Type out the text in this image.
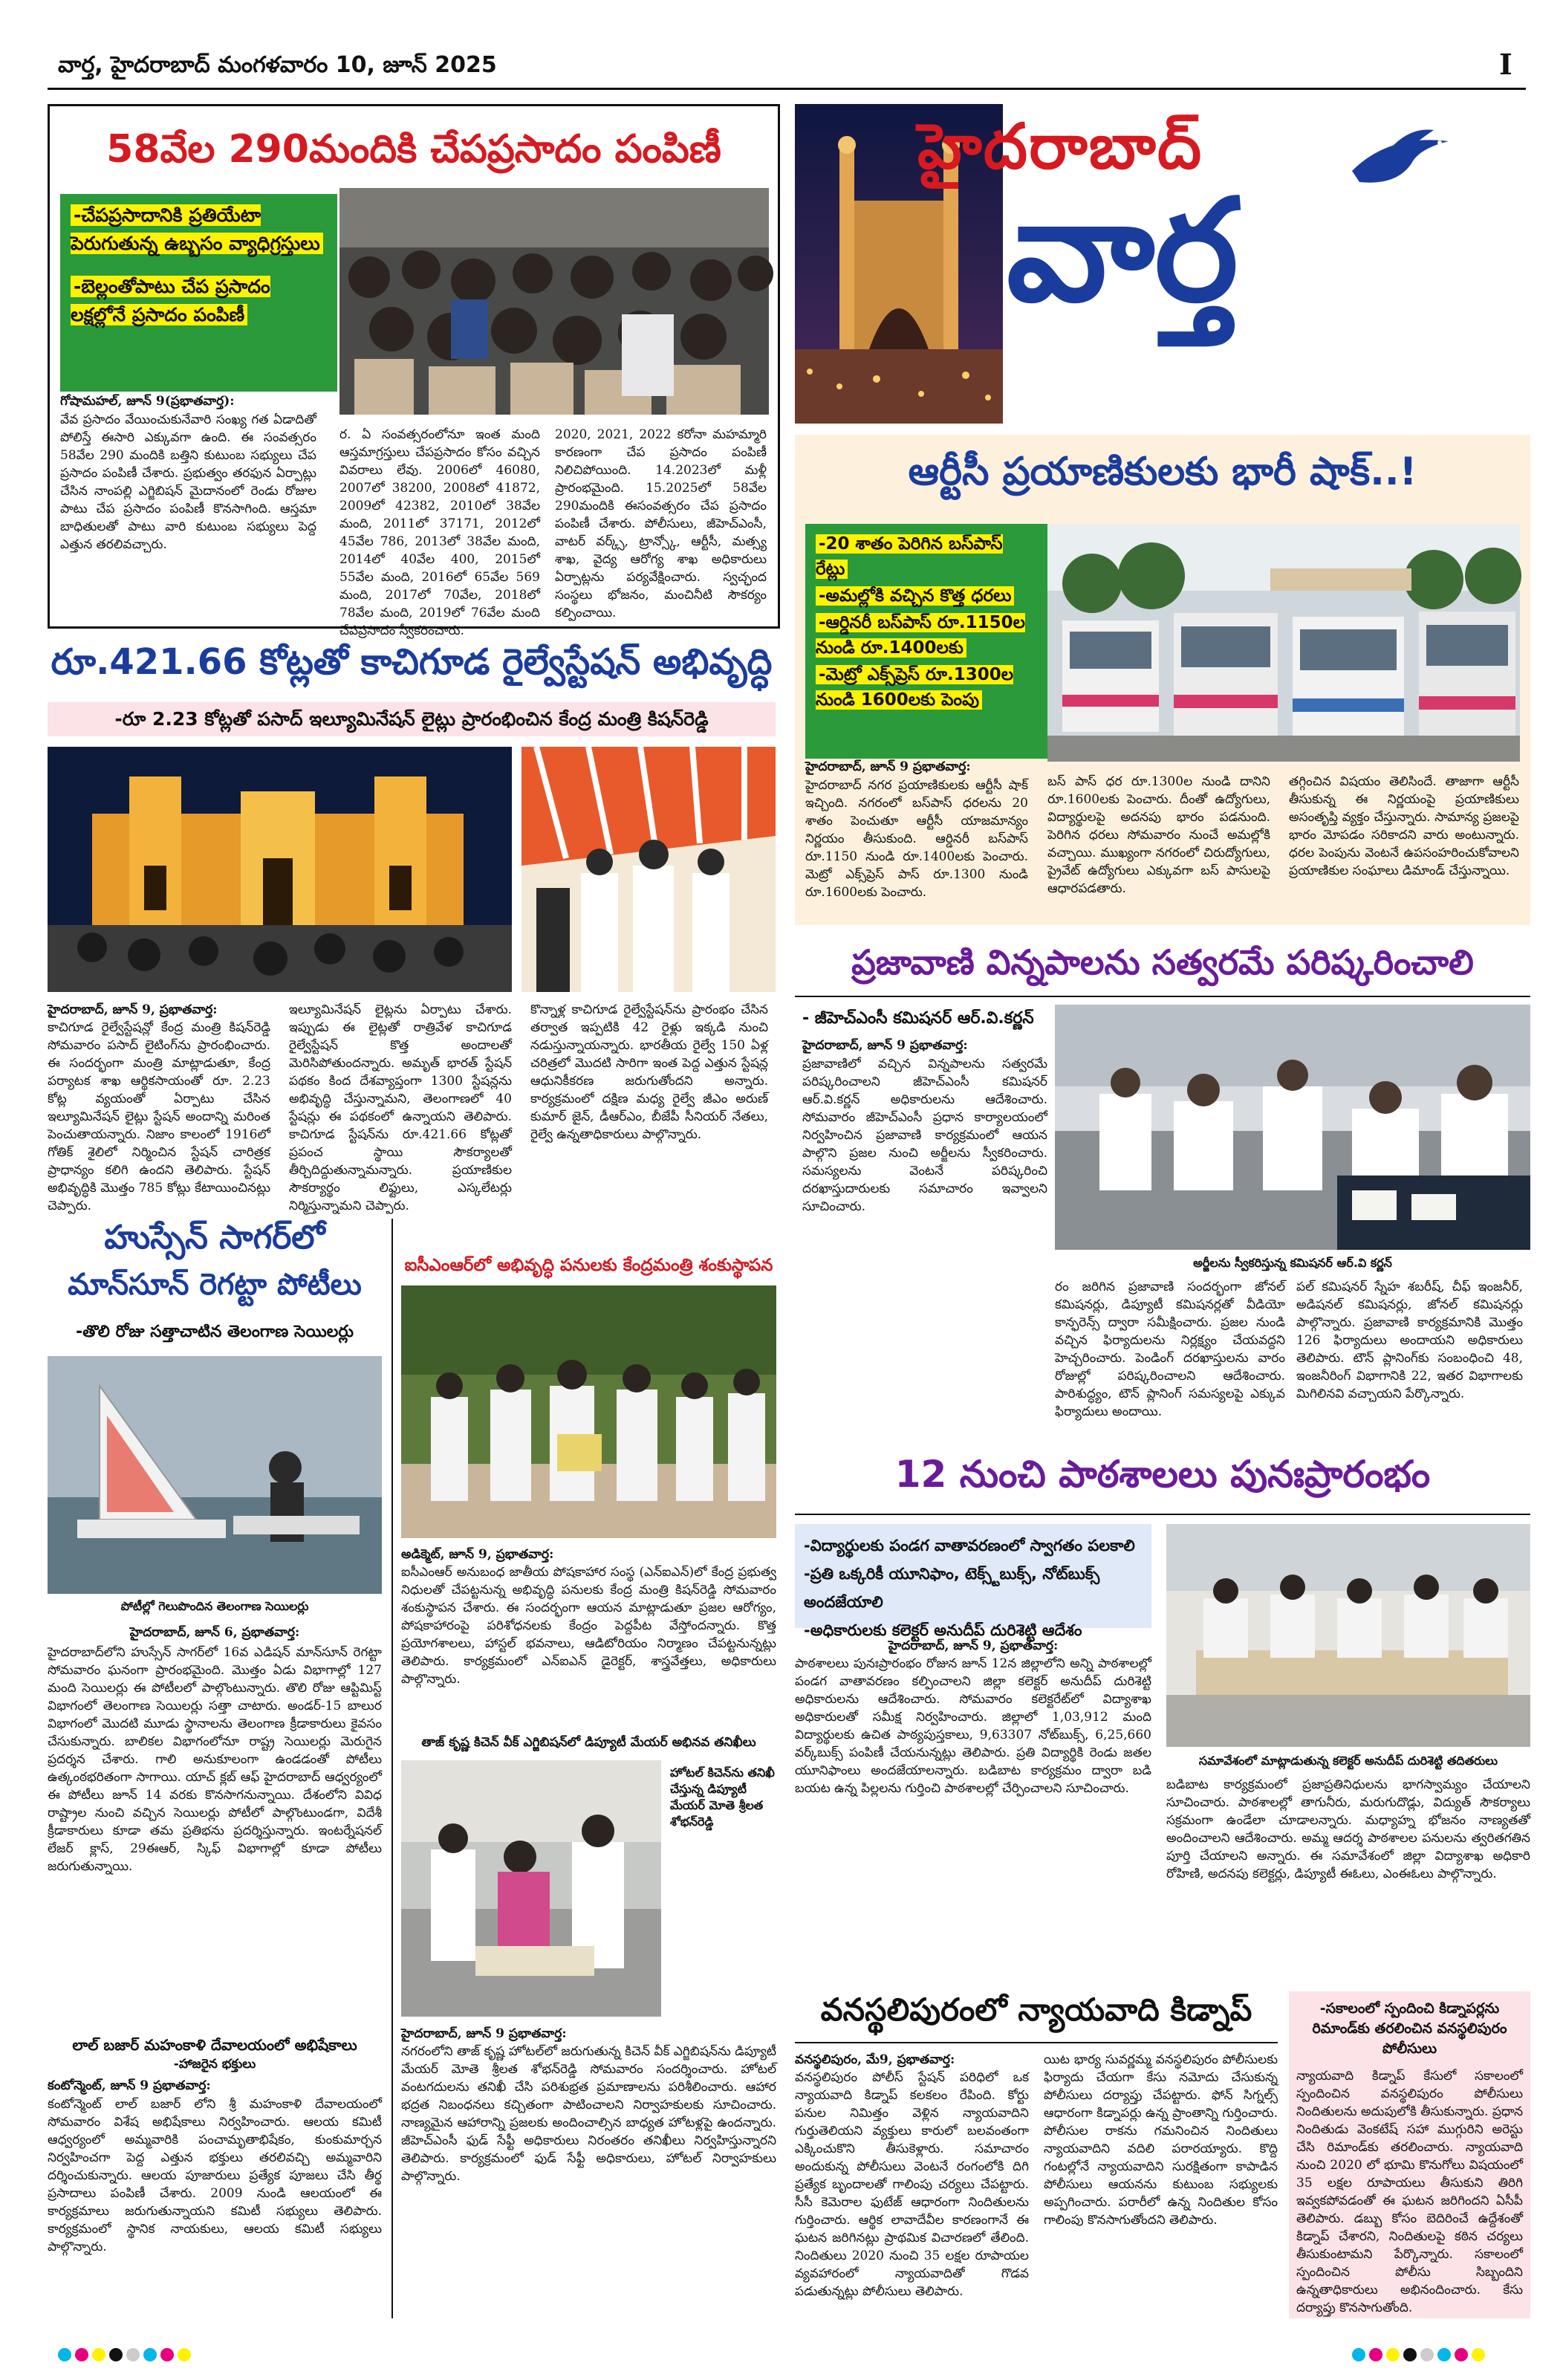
వార్త, హైదరాబాద్ మంగళవారం 10, జూన్ 2025	I
58వేల 290మందికి చేపప్రసాదం పంపిణీ
-చేపప్రసాదానికి ప్రతియేటా పెరుగుతున్న ఉబ్బసం వ్యాధిగ్రస్తులు
-బెల్లంతోపాటు చేప ప్రసాదం లక్షల్లోనే ప్రసాదం పంపిణీ
గోషామహల్, జూన్ 9(ప్రభాతవార్త):
వేవ ప్రసాదం వేయించుకునేవారి సంఖ్య గత ఏడాదితో పోలిస్తే ఈసారి ఎక్కువగా ఉంది. ఈ సంవత్సరం 58వేల 290 మందికి బత్తిని కుటుంబ సభ్యులు చేప ప్రసాదం పంపిణీ చేశారు. ప్రభుత్వం తరఫున ఏర్పాట్లు చేసిన నాంపల్లి ఎగ్జిబిషన్ మైదానంలో రెండు రోజుల పాటు చేప ప్రసాదం పంపిణీ కొనసాగింది. ఆస్తమా బాధితులతో పాటు వారి కుటుంబ సభ్యులు పెద్ద ఎత్తున తరలివచ్చారు.
ర. ఏ సంవత్సరంలోనూ ఇంత మంది ఆస్తమాగ్రస్తులు చేపప్రసాదం కోసం వచ్చిన వివరాలు లేవు. 2006లో 46080, 2007లో 38200, 2008లో 41872, 2009లో 42382, 2010లో 38వేల మంది, 2011లో 37171, 2012లో 45వేల 786, 2013లో 38వేల మంది, 2014లో 40వేల 400, 2015లో 55వేల మంది, 2016లో 65వేల 569 మంది, 2017లో 70వేల, 2018లో 78వేల మంది, 2019లో 76వేల మంది చేపప్రసాదం స్వీకరించారు.
2020, 2021, 2022 కరోనా మహమ్మారి కారణంగా చేప ప్రసాదం పంపిణీ నిలిచిపోయింది. 14.2023లో మళ్లీ ప్రారంభమైంది. 15.2025లో 58వేల 290మందికి ఈసంవత్సరం చేప ప్రసాదం పంపిణీ చేశారు. పోలీసులు, జీహెచ్ఎంసీ, వాటర్ వర్క్స్, ట్రాన్స్కో, ఆర్టీసీ, మత్స్య శాఖ, వైద్య ఆరోగ్య శాఖ అధికారులు ఏర్పాట్లను పర్యవేక్షించారు. స్వచ్ఛంద సంస్థలు భోజనం, మంచినీటి సౌకర్యం కల్పించాయి.
హైదరాబాద్
వార్త
ఆర్టీసీ ప్రయాణికులకు భారీ షాక్..!
-20 శాతం పెరిగిన బస్‌పాస్ రేట్లు
-అమల్లోకి వచ్చిన కొత్త ధరలు
-ఆర్డినరీ బస్‌పాస్ రూ.1150ల నుండి రూ.1400లకు
-మెట్రో ఎక్స్‌ప్రెస్ రూ.1300ల నుండి 1600లకు పెంపు
హైదరాబాద్, జూన్ 9 ప్రభాతవార్త:
హైదరాబాద్ నగర ప్రయాణికులకు ఆర్టీసీ షాక్ ఇచ్చింది. నగరంలో బస్‌పాస్ ధరలను 20 శాతం పెంచుతూ ఆర్టీసీ యాజమాన్యం నిర్ణయం తీసుకుంది. ఆర్డినరీ బస్‌పాస్ రూ.1150 నుండి రూ.1400లకు పెంచారు. మెట్రో ఎక్స్‌ప్రెస్ పాస్ రూ.1300 నుండి రూ.1600లకు పెంచారు.
బస్ పాస్ ధర రూ.1300ల నుండి దానిని రూ.1600లకు పెంచారు. దీంతో ఉద్యోగులు, విద్యార్థులపై అదనపు భారం పడనుంది. పెరిగిన ధరలు సోమవారం నుంచే అమల్లోకి వచ్చాయి. ముఖ్యంగా నగరంలో చిరుద్యోగులు, ప్రైవేట్ ఉద్యోగులు ఎక్కువగా బస్ పాసులపై ఆధారపడతారు.
తగ్గించిన విషయం తెలిసిందే. తాజాగా ఆర్టీసీ తీసుకున్న ఈ నిర్ణయంపై ప్రయాణికులు అసంతృప్తి వ్యక్తం చేస్తున్నారు. సామాన్య ప్రజలపై భారం మోపడం సరికాదని వారు అంటున్నారు. ధరల పెంపును వెంటనే ఉపసంహరించుకోవాలని ప్రయాణికుల సంఘాలు డిమాండ్ చేస్తున్నాయి.
రూ.421.66 కోట్లతో కాచిగూడ రైల్వేస్టేషన్ అభివృద్ధి
-రూ 2.23 కోట్లతో పసాద్ ఇల్యూమినేషన్ లైట్లు ప్రారంభించిన కేంద్ర మంత్రి కిషన్‌రెడ్డి
హైదరాబాద్, జూన్ 9, ప్రభాతవార్త:
కాచిగూడ రైల్వేస్టేషన్లో కేంద్ర మంత్రి కిషన్‌రెడ్డి సోమవారం పసాద్ లైటింగ్‌ను ప్రారంభించారు. ఈ సందర్భంగా మంత్రి మాట్లాడుతూ, కేంద్ర పర్యాటక శాఖ ఆర్థికసాయంతో రూ. 2.23 కోట్ల వ్యయంతో ఏర్పాటు చేసిన ఇల్యూమినేషన్ లైట్లు స్టేషన్ అందాన్ని మరింత పెంచుతాయన్నారు. నిజాం కాలంలో 1916లో గోతిక్ శైలిలో నిర్మించిన స్టేషన్ చారిత్రక ప్రాధాన్యం కలిగి ఉందని తెలిపారు. స్టేషన్ అభివృద్ధికి మొత్తం 785 కోట్లు కేటాయించినట్లు చెప్పారు.
ఇల్యూమినేషన్ లైట్లను ఏర్పాటు చేశారు. ఇప్పుడు ఈ లైట్లతో రాత్రివేళ కాచిగూడ రైల్వేస్టేషన్ కొత్త అందాలతో మెరిసిపోతుందన్నారు. అమృత్ భారత్ స్టేషన్ పథకం కింద దేశవ్యాప్తంగా 1300 స్టేషన్లను అభివృద్ధి చేస్తున్నామని, తెలంగాణలో 40 స్టేషన్లు ఈ పథకంలో ఉన్నాయని తెలిపారు. కాచిగూడ స్టేషన్‌ను రూ.421.66 కోట్లతో ప్రపంచ స్థాయి సౌకర్యాలతో తీర్చిదిద్దుతున్నామన్నారు. ప్రయాణికుల సౌకర్యార్థం లిఫ్టులు, ఎస్కలేటర్లు నిర్మిస్తున్నామని చెప్పారు.
కొన్నాళ్ల కాచిగూడ రైల్వేస్టేషన్‌ను ప్రారంభం చేసిన తర్వాత ఇప్పటికి 42 రైళ్లు ఇక్కడి నుంచి నడుస్తున్నాయన్నారు. భారతీయ రైల్వే 150 ఏళ్ల చరిత్రలో మొదటి సారిగా ఇంత పెద్ద ఎత్తున స్టేషన్ల ఆధునికీకరణ జరుగుతోందని అన్నారు. కార్యక్రమంలో దక్షిణ మధ్య రైల్వే జీఎం అరుణ్ కుమార్ జైన్, డీఆర్ఎం, బీజేపీ సీనియర్ నేతలు, రైల్వే ఉన్నతాధికారులు పాల్గొన్నారు.
ప్రజావాణి విన్నపాలను సత్వరమే పరిష్కరించాలి
- జీహెచ్ఎంసీ కమిషనర్ ఆర్.వి.కర్ణన్
అర్జీలను స్వీకరిస్తున్న కమిషనర్ ఆర్.వి కర్ణన్
హైదరాబాద్, జూన్ 9 ప్రభాతవార్త:
ప్రజావాణిలో వచ్చిన విన్నపాలను సత్వరమే పరిష్కరించాలని జీహెచ్ఎంసీ కమిషనర్ ఆర్.వి.కర్ణన్ అధికారులను ఆదేశించారు. సోమవారం జీహెచ్ఎంసీ ప్రధాన కార్యాలయంలో నిర్వహించిన ప్రజావాణి కార్యక్రమంలో ఆయన పాల్గొని ప్రజల నుంచి అర్జీలను స్వీకరించారు. సమస్యలను వెంటనే పరిష్కరించి దరఖాస్తుదారులకు సమాచారం ఇవ్వాలని సూచించారు.
రం జరిగిన ప్రజావాణి సందర్భంగా జోనల్ కమిషనర్లు, డిప్యూటీ కమిషనర్లతో వీడియో కాన్ఫరెన్స్ ద్వారా సమీక్షించారు. ప్రజల నుండి వచ్చిన ఫిర్యాదులను నిర్లక్ష్యం చేయవద్దని హెచ్చరించారు. పెండింగ్ దరఖాస్తులను వారం రోజుల్లో పరిష్కరించాలని ఆదేశించారు. పారిశుద్ధ్యం, టౌన్ ప్లానింగ్ సమస్యలపై ఎక్కువ ఫిర్యాదులు అందాయి.
పల్ కమిషనర్ స్నేహ శబరీష్, చీఫ్ ఇంజనీర్, అడిషనల్ కమిషనర్లు, జోనల్ కమిషనర్లు పాల్గొన్నారు. ప్రజావాణి కార్యక్రమానికి మొత్తం 126 ఫిర్యాదులు అందాయని అధికారులు తెలిపారు. టౌన్ ప్లానింగ్‌కు సంబంధించి 48, ఇంజనీరింగ్ విభాగానికి 22, ఇతర విభాగాలకు మిగిలినవి వచ్చాయని పేర్కొన్నారు.
హుస్సేన్ సాగర్‌లో
మాన్‌సూన్ రెగట్టా పోటీలు
-తొలి రోజు సత్తాచాటిన తెలంగాణ సెయిలర్లు
పోటీల్లో గెలుపొందిన తెలంగాణ సెయిలర్లు
హైదరాబాద్, జూన్ 6, ప్రభాతవార్త:
హైదరాబాద్‌లోని హుస్సేన్ సాగర్‌లో 16వ ఎడిషన్ మాన్‌సూన్ రెగట్టా సోమవారం ఘనంగా ప్రారంభమైంది. మొత్తం ఏడు విభాగాల్లో 127 మంది సెయిలర్లు ఈ పోటీలలో పాల్గొంటున్నారు. తొలి రోజు ఆప్టిమిస్ట్ విభాగంలో తెలంగాణ సెయిలర్లు సత్తా చాటారు. అండర్-15 బాలుర విభాగంలో మొదటి మూడు స్థానాలను తెలంగాణ క్రీడాకారులు కైవసం చేసుకున్నారు. బాలికల విభాగంలోనూ రాష్ట్ర సెయిలర్లు మెరుగైన ప్రదర్శన చేశారు. గాలి అనుకూలంగా ఉండడంతో పోటీలు ఉత్కంఠభరితంగా సాగాయి. యాచ్ క్లబ్ ఆఫ్ హైదరాబాద్ ఆధ్వర్యంలో ఈ పోటీలు జూన్ 14 వరకు కొనసాగనున్నాయి. దేశంలోని వివిధ రాష్ట్రాల నుంచి వచ్చిన సెయిలర్లు పోటీలో పాల్గొంటుండగా, విదేశీ క్రీడాకారులు కూడా తమ ప్రతిభను ప్రదర్శిస్తున్నారు. ఇంటర్నేషనల్ లేజర్ క్లాస్, 29ఈఆర్, స్కిఫ్ విభాగాల్లో కూడా పోటీలు జరుగుతున్నాయి.
లాల్ బజార్ మహంకాళి దేవాలయంలో అభిషేకాలు
-హాజరైన భక్తులు
కంటోన్మెంట్, జూన్ 9 ప్రభాతవార్త:
కంటోన్మెంట్ లాల్ బజార్ లోని శ్రీ మహంకాళి దేవాలయంలో సోమవారం విశేష అభిషేకాలు నిర్వహించారు. ఆలయ కమిటీ ఆధ్వర్యంలో అమ్మవారికి పంచామృతాభిషేకం, కుంకుమార్చన నిర్వహించగా పెద్ద ఎత్తున భక్తులు తరలివచ్చి అమ్మవారిని దర్శించుకున్నారు. ఆలయ పూజారులు ప్రత్యేక పూజలు చేసి తీర్థ ప్రసాదాలు పంపిణీ చేశారు. 2009 నుండి ఆలయంలో ఈ కార్యక్రమాలు జరుగుతున్నాయని కమిటీ సభ్యులు తెలిపారు. కార్యక్రమంలో స్థానిక నాయకులు, ఆలయ కమిటీ సభ్యులు పాల్గొన్నారు.
ఐసీఎంఆర్‌లో అభివృద్ధి పనులకు కేంద్రమంత్రి శంకుస్థాపన
అడిక్మెట్, జూన్ 9, ప్రభాతవార్త:
ఐసీఎంఆర్ అనుబంధ జాతీయ పోషకాహార సంస్థ (ఎన్ఐఎన్)లో కేంద్ర ప్రభుత్వ నిధులతో చేపట్టనున్న అభివృద్ధి పనులకు కేంద్ర మంత్రి కిషన్‌రెడ్డి సోమవారం శంకుస్థాపన చేశారు. ఈ సందర్భంగా ఆయన మాట్లాడుతూ ప్రజల ఆరోగ్యం, పోషకాహారంపై పరిశోధనలకు కేంద్రం పెద్దపీట వేస్తోందన్నారు. కొత్త ప్రయోగశాలలు, హాస్టల్ భవనాలు, ఆడిటోరియం నిర్మాణం చేపట్టనున్నట్లు తెలిపారు. కార్యక్రమంలో ఎన్ఐఎన్ డైరెక్టర్, శాస్త్రవేత్తలు, అధికారులు పాల్గొన్నారు.
తాజ్ కృష్ణ కిచెన్ వీక్ ఎగ్జిబిషన్‌లో డిప్యూటీ మేయర్ అభినవ తనిఖీలు
హోటల్ కిచెన్‌ను తనిఖీ చేస్తున్న డిప్యూటీ మేయర్ మోతె శ్రీలత శోభన్‌రెడ్డి
హైదరాబాద్, జూన్ 9 ప్రభాతవార్త:
నగరంలోని తాజ్ కృష్ణ హోటల్‌లో జరుగుతున్న కిచెన్ వీక్ ఎగ్జిబిషన్‌ను డిప్యూటీ మేయర్ మోతె శ్రీలత శోభన్‌రెడ్డి సోమవారం సందర్శించారు. హోటల్ వంటగదులను తనిఖీ చేసి పరిశుభ్రత ప్రమాణాలను పరిశీలించారు. ఆహార భద్రత నిబంధనలు కచ్చితంగా పాటించాలని నిర్వాహకులకు సూచించారు. నాణ్యమైన ఆహారాన్ని ప్రజలకు అందించాల్సిన బాధ్యత హోటళ్లపై ఉందన్నారు. జీహెచ్ఎంసీ ఫుడ్ సేఫ్టీ అధికారులు నిరంతరం తనిఖీలు నిర్వహిస్తున్నారని తెలిపారు. కార్యక్రమంలో ఫుడ్ సేఫ్టీ అధికారులు, హోటల్ నిర్వాహకులు పాల్గొన్నారు.
12 నుంచి పాఠశాలలు పునఃప్రారంభం
-విద్యార్థులకు పండగ వాతావరణంలో స్వాగతం పలకాలి
-ప్రతి ఒక్కరికీ యూనిఫాం, టెక్స్ట్‌బుక్స్, నోట్‌బుక్స్ అందజేయాలి
-అధికారులకు కలెక్టర్ అనుదీప్ దురిశెట్టి ఆదేశం
సమావేశంలో మాట్లాడుతున్న కలెక్టర్ అనుదీప్ దురిశెట్టి తదితరులు
హైదరాబాద్, జూన్ 9, ప్రభాతవార్త:
పాఠశాలలు పునఃప్రారంభం రోజున జూన్ 12న జిల్లాలోని అన్ని పాఠశాలల్లో పండగ వాతావరణం కల్పించాలని జిల్లా కలెక్టర్ అనుదీప్ దురిశెట్టి అధికారులను ఆదేశించారు. సోమవారం కలెక్టరేట్‌లో విద్యాశాఖ అధికారులతో సమీక్ష నిర్వహించారు. జిల్లాలో 1,03,912 మంది విద్యార్థులకు ఉచిత పాఠ్యపుస్తకాలు, 9,63307 నోట్‌బుక్స్, 6,25,660 వర్క్‌బుక్స్ పంపిణీ చేయనున్నట్లు తెలిపారు. ప్రతి విద్యార్థికి రెండు జతల యూనిఫాంలు అందజేయాలన్నారు. బడిబాట కార్యక్రమం ద్వారా బడి బయట ఉన్న పిల్లలను గుర్తించి పాఠశాలల్లో చేర్పించాలని సూచించారు.	బడిబాట కార్యక్రమంలో ప్రజాప్రతినిధులను భాగస్వామ్యం చేయాలని సూచించారు. పాఠశాలల్లో తాగునీరు, మరుగుదొడ్లు, విద్యుత్ సౌకర్యాలు సక్రమంగా ఉండేలా చూడాలన్నారు. మధ్యాహ్న భోజనం నాణ్యతతో అందించాలని ఆదేశించారు. అమ్మ ఆదర్శ పాఠశాలల పనులను త్వరితగతిన పూర్తి చేయాలని అన్నారు. ఈ సమావేశంలో జిల్లా విద్యాశాఖ అధికారి రోహిణి, అదనపు కలెక్టర్లు, డిప్యూటీ ఈఓలు, ఎంఈఓలు పాల్గొన్నారు.
వనస్థలిపురంలో న్యాయవాది కిడ్నాప్
వనస్థలిపురం, మే9, ప్రభాతవార్త:
వనస్థలిపురం పోలీస్ స్టేషన్ పరిధిలో ఒక న్యాయవాది కిడ్నాప్ కలకలం రేపింది. కోర్టు పనుల నిమిత్తం వెళ్లిన న్యాయవాదిని గుర్తుతెలియని వ్యక్తులు కారులో బలవంతంగా ఎక్కించుకొని తీసుకెళ్లారు. సమాచారం అందుకున్న పోలీసులు వెంటనే రంగంలోకి దిగి ప్రత్యేక బృందాలతో గాలింపు చర్యలు చేపట్టారు. సీసీ కెమెరాల ఫుటేజ్ ఆధారంగా నిందితులను గుర్తించారు. ఆర్థిక లావాదేవీల కారణంగానే ఈ ఘటన జరిగినట్లు ప్రాథమిక విచారణలో తేలింది. నిందితులు 2020 నుంచి 35 లక్షల రూపాయల వ్యవహారంలో న్యాయవాదితో గొడవ పడుతున్నట్లు పోలీసులు తెలిపారు.
యిట భార్య సువర్ణమ్మ వనస్థలిపురం పోలీసులకు ఫిర్యాదు చేయగా కేసు నమోదు చేసుకున్న పోలీసులు దర్యాప్తు చేపట్టారు. ఫోన్ సిగ్నల్స్ ఆధారంగా కిడ్నాపర్లు ఉన్న ప్రాంతాన్ని గుర్తించారు. పోలీసుల రాకను గమనించిన నిందితులు న్యాయవాదిని వదిలి పరారయ్యారు. కొద్ది గంటల్లోనే న్యాయవాదిని సురక్షితంగా కాపాడిన పోలీసులు ఆయనను కుటుంబ సభ్యులకు అప్పగించారు. పరారీలో ఉన్న నిందితుల కోసం గాలింపు కొనసాగుతోందని తెలిపారు.
-సకాలంలో స్పందించి కిడ్నాపర్లను రిమాండ్‌కు తరలించిన వనస్థలిపురం పోలీసులు
న్యాయవాది కిడ్నాప్ కేసులో సకాలంలో స్పందించిన వనస్థలిపురం పోలీసులు నిందితులను అదుపులోకి తీసుకున్నారు. ప్రధాన నిందితుడు వెంకటేష్ సహా ముగ్గురిని అరెస్టు చేసి రిమాండ్‌కు తరలించారు. న్యాయవాది నుంచి 2020 లో భూమి కొనుగోలు విషయంలో 35 లక్షల రూపాయలు తీసుకుని తిరిగి ఇవ్వకపోవడంతో ఈ ఘటన జరిగిందని ఏసీపీ తెలిపారు. డబ్బు కోసం బెదిరించే ఉద్దేశంతో కిడ్నాప్ చేశారని, నిందితులపై కఠిన చర్యలు తీసుకుంటామని పేర్కొన్నారు. సకాలంలో స్పందించిన పోలీసు సిబ్బందిని ఉన్నతాధికారులు అభినందించారు. కేసు దర్యాప్తు కొనసాగుతోంది.
